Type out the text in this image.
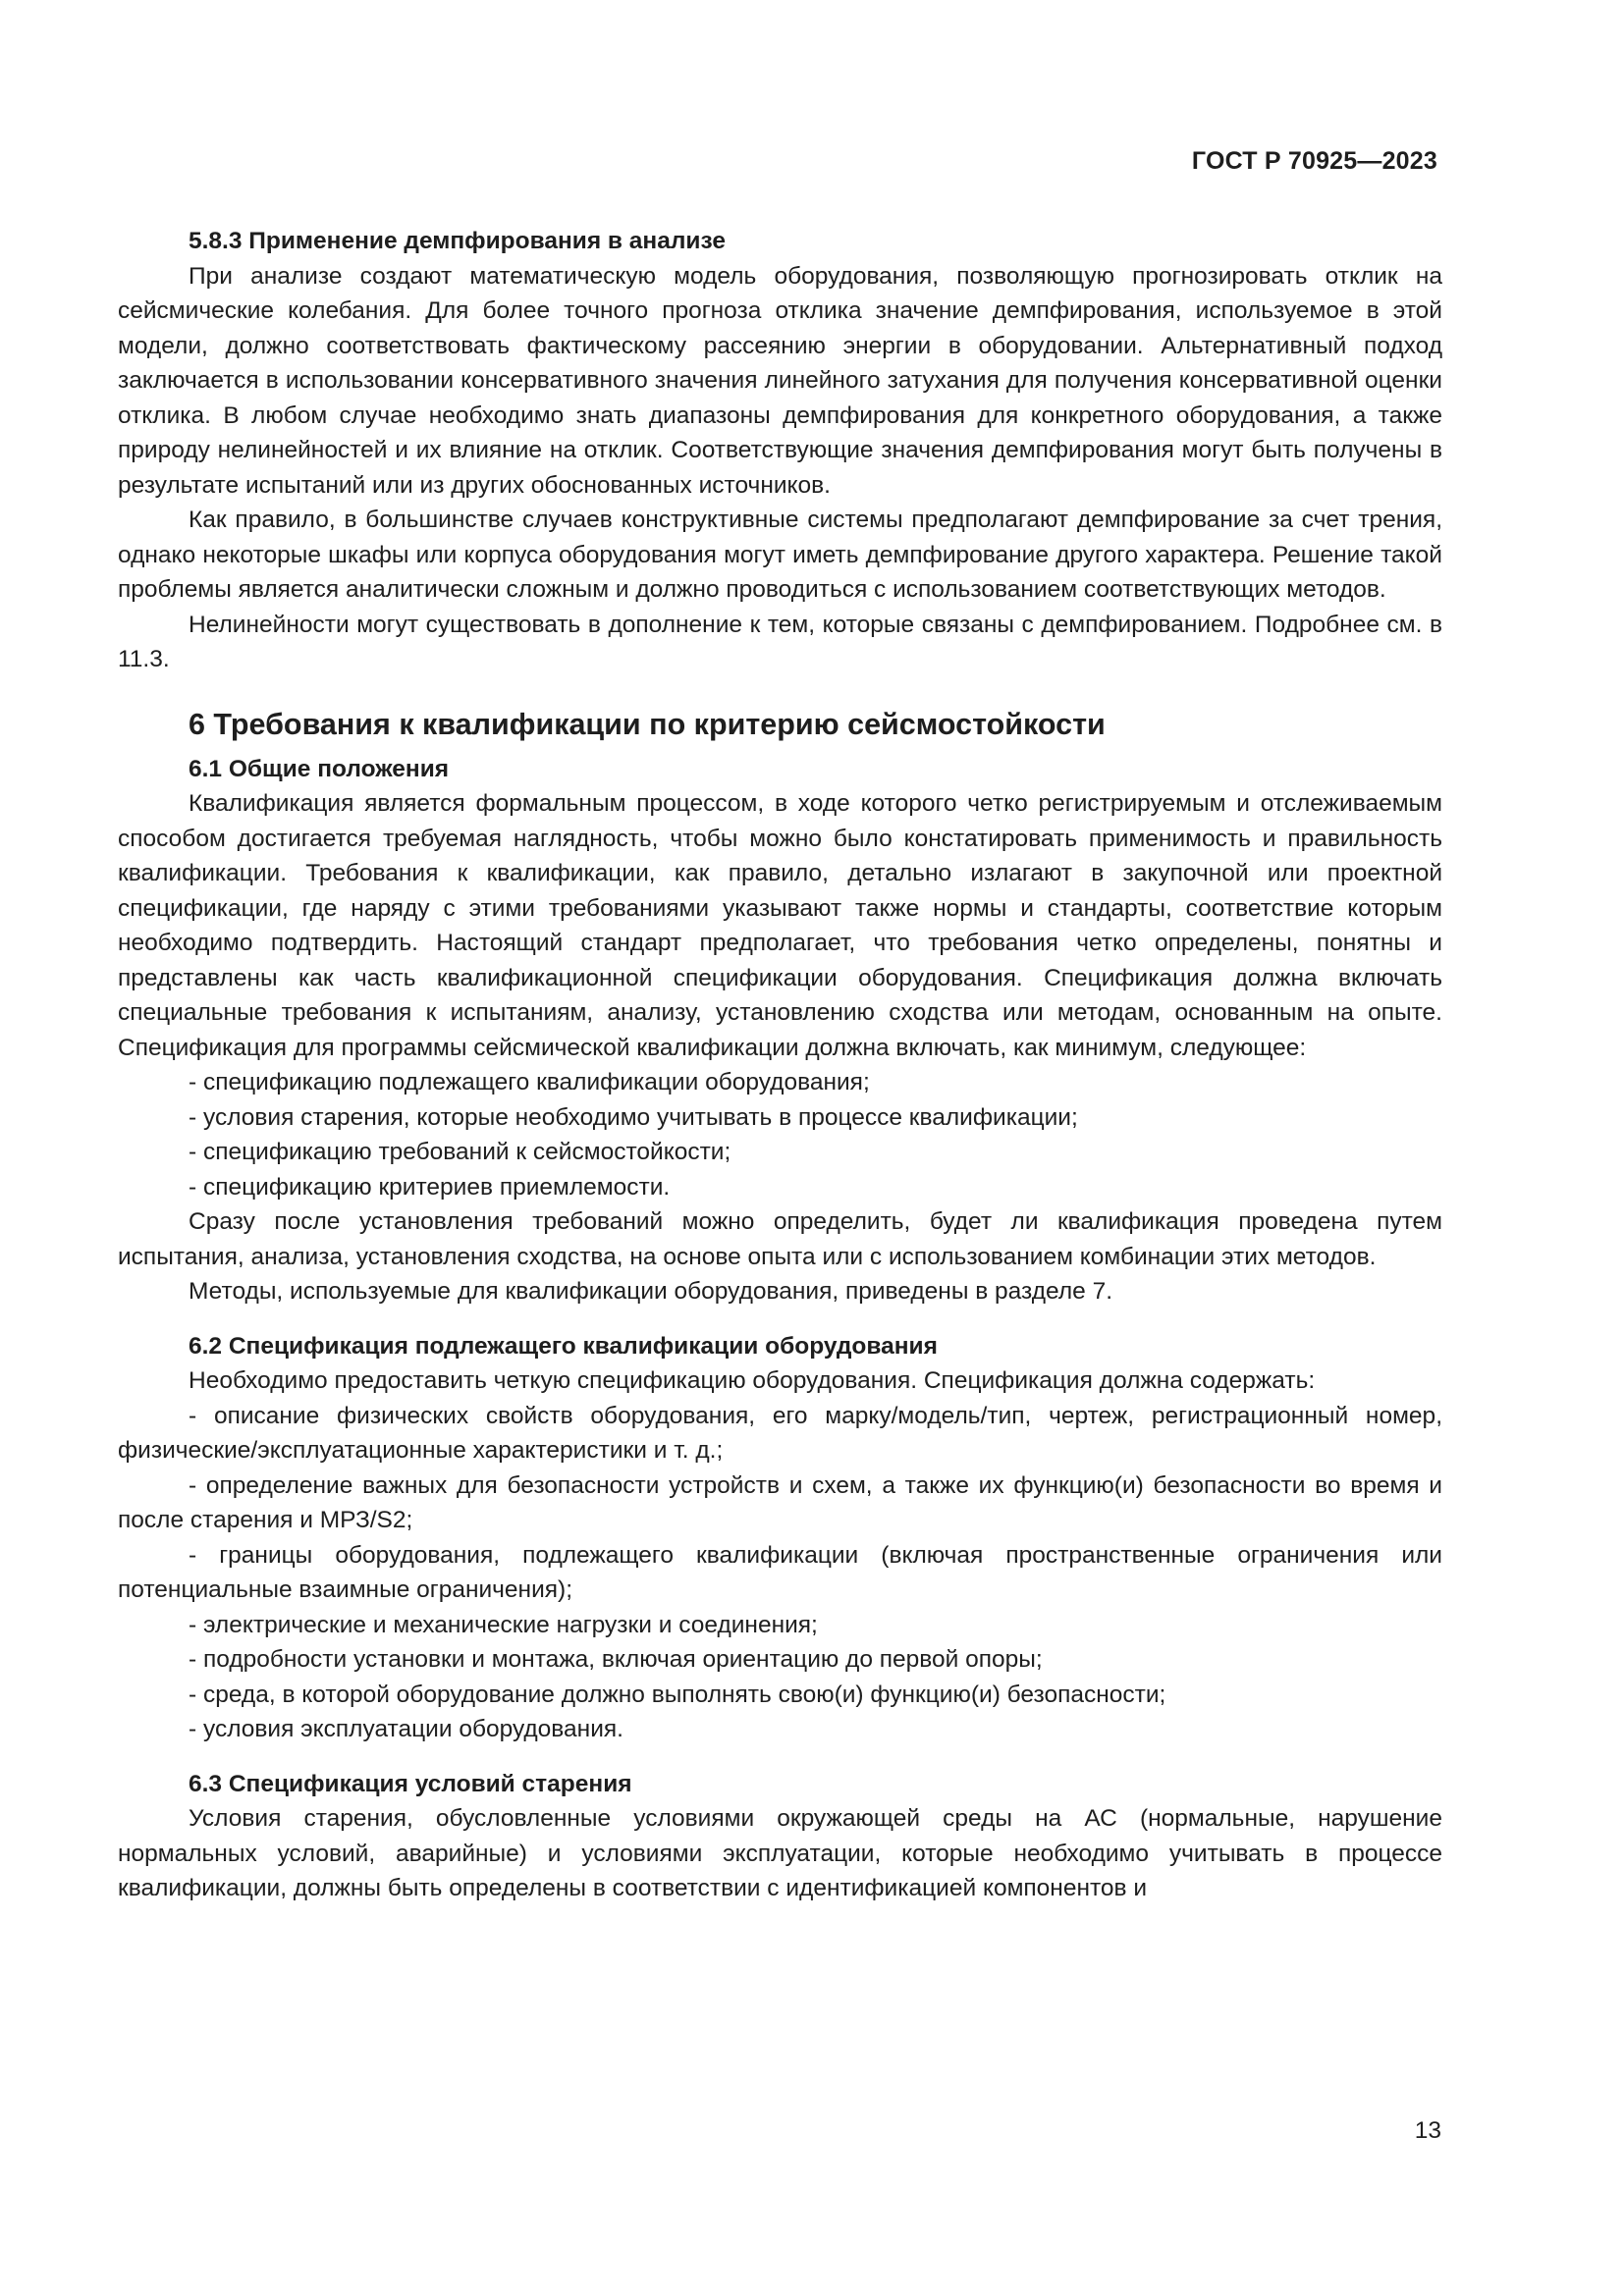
ГОСТ Р 70925—2023
5.8.3 Применение демпфирования в анализе

При анализе создают математическую модель оборудования, позволяющую прогнозировать отклик на сейсмические колебания. Для более точного прогноза отклика значение демпфирования, используемое в этой модели, должно соответствовать фактическому рассеянию энергии в оборудовании. Альтернативный подход заключается в использовании консервативного значения линейного затухания для получения консервативной оценки отклика. В любом случае необходимо знать диапазоны демпфирования для конкретного оборудования, а также природу нелинейностей и их влияние на отклик. Соответствующие значения демпфирования могут быть получены в результате испытаний или из других обоснованных источников.

Как правило, в большинстве случаев конструктивные системы предполагают демпфирование за счет трения, однако некоторые шкафы или корпуса оборудования могут иметь демпфирование другого характера. Решение такой проблемы является аналитически сложным и должно проводиться с использованием соответствующих методов.

Нелинейности могут существовать в дополнение к тем, которые связаны с демпфированием. Подробнее см. в 11.3.

6 Требования к квалификации по критерию сейсмостойкости
6.1 Общие положения

Квалификация является формальным процессом, в ходе которого четко регистрируемым и отслеживаемым способом достигается требуемая наглядность, чтобы можно было констатировать применимость и правильность квалификации. Требования к квалификации, как правило, детально излагают в закупочной или проектной спецификации, где наряду с этими требованиями указывают также нормы и стандарты, соответствие которым необходимо подтвердить. Настоящий стандарт предполагает, что требования четко определены, понятны и представлены как часть квалификационной спецификации оборудования. Спецификация должна включать специальные требования к испытаниям, анализу, установлению сходства или методам, основанным на опыте. Спецификация для программы сейсмической квалификации должна включать, как минимум, следующее:

- спецификацию подлежащего квалификации оборудования;

- условия старения, которые необходимо учитывать в процессе квалификации;

- спецификацию требований к сейсмостойкости;

- спецификацию критериев приемлемости.

Сразу после установления требований можно определить, будет ли квалификация проведена путем испытания, анализа, установления сходства, на основе опыта или с использованием комбинации этих методов.

Методы, используемые для квалификации оборудования, приведены в разделе 7.

6.2 Спецификация подлежащего квалификации оборудования

Необходимо предоставить четкую спецификацию оборудования. Спецификация должна содержать:

- описание физических свойств оборудования, его марку/модель/тип, чертеж, регистрационный номер, физические/эксплуатационные характеристики и т. д.;

- определение важных для безопасности устройств и схем, а также их функцию(и) безопасности во время и после старения и МРЗ/S2;

- границы оборудования, подлежащего квалификации (включая пространственные ограничения или потенциальные взаимные ограничения);

- электрические и механические нагрузки и соединения;

- подробности установки и монтажа, включая ориентацию до первой опоры;

- среда, в которой оборудование должно выполнять свою(и) функцию(и) безопасности;

- условия эксплуатации оборудования.

6.3 Спецификация условий старения

Условия старения, обусловленные условиями окружающей среды на АС (нормальные, нарушение нормальных условий, аварийные) и условиями эксплуатации, которые необходимо учитывать в процессе квалификации, должны быть определены в соответствии с идентификацией компонентов и

13
